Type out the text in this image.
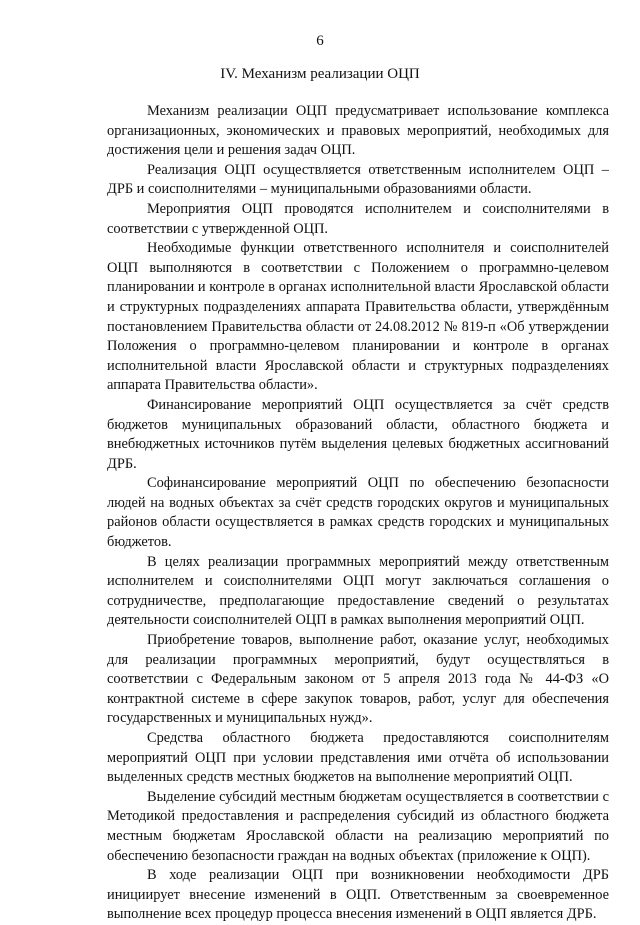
6
IV. Механизм реализации ОЦП

Механизм реализации ОЦП предусматривает использование комплекса организационных, экономических и правовых мероприятий, необходимых для достижения цели и решения задач ОЦП.

Реализация ОЦП осуществляется ответственным исполнителем ОЦП – ДРБ и соисполнителями – муниципальными образованиями области.

Мероприятия ОЦП проводятся исполнителем и соисполнителями в соответствии с утвержденной ОЦП.

Необходимые функции ответственного исполнителя и соисполнителей ОЦП выполняются в соответствии с Положением о программно-целевом планировании и контроле в органах исполнительной власти Ярославской области и структурных подразделениях аппарата Правительства области, утверждённым постановлением Правительства области от 24.08.2012 № 819-п «Об утверждении Положения о программно-целевом планировании и контроле в органах исполнительной власти Ярославской области и структурных подразделениях аппарата Правительства области».

Финансирование мероприятий ОЦП осуществляется за счёт средств бюджетов муниципальных образований области, областного бюджета и внебюджетных источников путём выделения целевых бюджетных ассигнований ДРБ.

Софинансирование мероприятий ОЦП по обеспечению безопасности людей на водных объектах за счёт средств городских округов и муниципальных районов области осуществляется в рамках средств городских и муниципальных бюджетов.

В целях реализации программных мероприятий между ответственным исполнителем и соисполнителями ОЦП могут заключаться соглашения о сотрудничестве, предполагающие предоставление сведений о результатах деятельности соисполнителей ОЦП в рамках выполнения мероприятий ОЦП.

Приобретение товаров, выполнение работ, оказание услуг, необходимых для реализации программных мероприятий, будут осуществляться в соответствии с Федеральным законом от 5 апреля 2013 года № 44-ФЗ «О контрактной системе в сфере закупок товаров, работ, услуг для обеспечения государственных и муниципальных нужд».

Средства областного бюджета предоставляются соисполнителям мероприятий ОЦП при условии представления ими отчёта об использовании выделенных средств местных бюджетов на выполнение мероприятий ОЦП.

Выделение субсидий местным бюджетам осуществляется в соответствии с Методикой предоставления и распределения субсидий из областного бюджета местным бюджетам Ярославской области на реализацию мероприятий по обеспечению безопасности граждан на водных объектах (приложение к ОЦП).

В ходе реализации ОЦП при возникновении необходимости ДРБ инициирует внесение изменений в ОЦП. Ответственным за своевременное выполнение всех процедур процесса внесения изменений в ОЦП является ДРБ.
